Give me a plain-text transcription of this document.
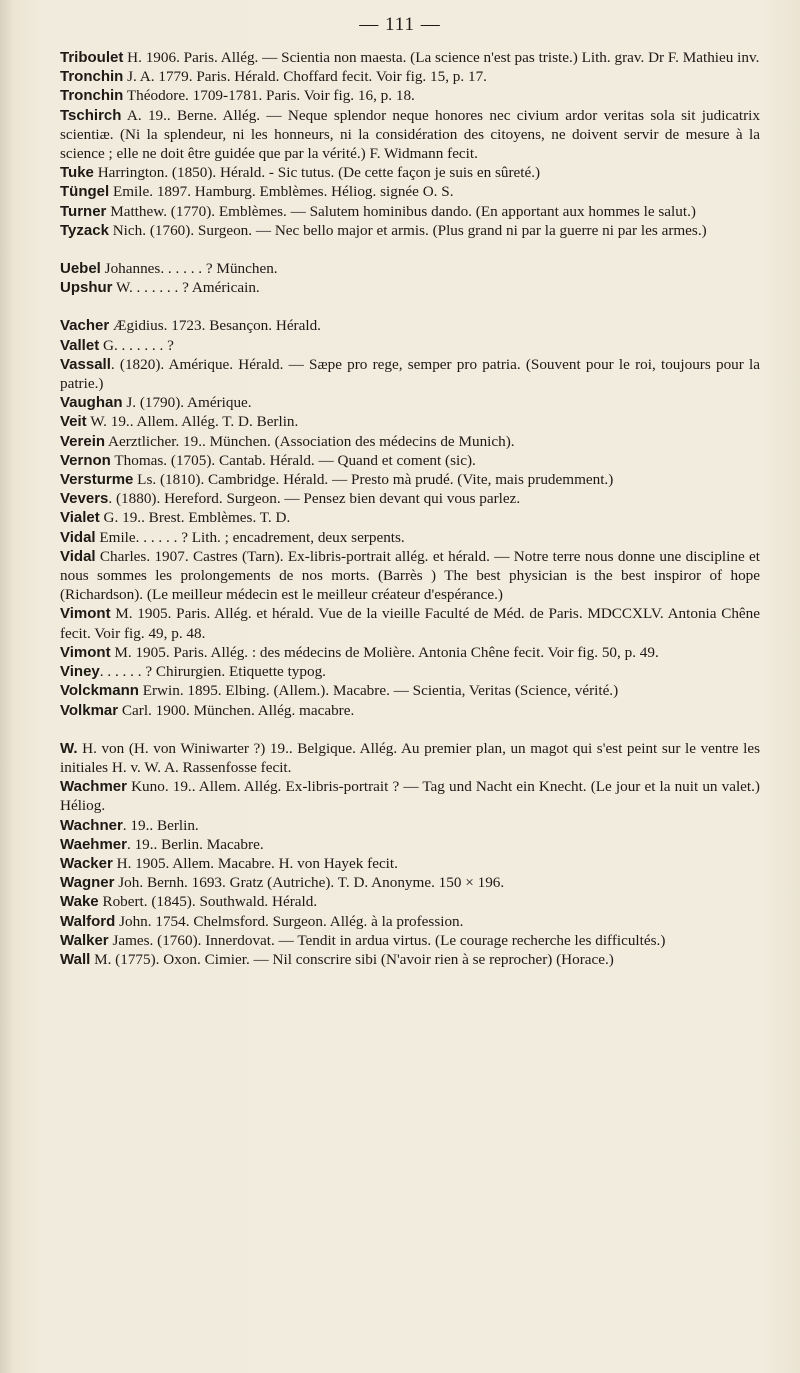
— 111 —

Triboulet H. 1906. Paris. Allég. — Scientia non maesta. (La science n'est pas triste.) Lith. grav. Dr F. Mathieu inv.

Tronchin J. A. 1779. Paris. Hérald. Choffard fecit. Voir fig. 15, p. 17.

Tronchin Théodore. 1709-1781. Paris. Voir fig. 16, p. 18.

Tschirch A. 19.. Berne. Allég. — Neque splendor neque honores nec civium ardor veritas sola sit judicatrix scientiæ. (Ni la splendeur, ni les honneurs, ni la considération des citoyens, ne doivent servir de mesure à la science ; elle ne doit être guidée que par la vérité.) F. Widmann fecit.

Tuke Harrington. (1850). Hérald. - Sic tutus. (De cette façon je suis en sûreté.)

Tüngel Emile. 1897. Hamburg. Emblèmes. Héliog. signée O. S.

Turner Matthew. (1770). Emblèmes. — Salutem hominibus dando. (En apportant aux hommes le salut.)

Tyzack Nich. (1760). Surgeon. — Nec bello major et armis. (Plus grand ni par la guerre ni par les armes.)

Uebel Johannes. . . . . . ? München.

Upshur W. . . . . . . ? Américain.

Vacher Ægidius. 1723. Besançon. Hérald.

Vallet G. . . . . . . ?

Vassall. (1820). Amérique. Hérald. — Sæpe pro rege, semper pro patria. (Souvent pour le roi, toujours pour la patrie.)

Vaughan J. (1790). Amérique.

Veit W. 19.. Allem. Allég. T. D. Berlin.

Verein Aerztlicher. 19.. München. (Association des médecins de Munich).

Vernon Thomas. (1705). Cantab. Hérald. — Quand et coment (sic).

Versturme Ls. (1810). Cambridge. Hérald. — Presto mà prudé. (Vite, mais prudemment.)

Vevers. (1880). Hereford. Surgeon. — Pensez bien devant qui vous parlez.

Vialet G. 19.. Brest. Emblèmes. T. D.

Vidal Emile. . . . . . ? Lith. ; encadrement, deux serpents.

Vidal Charles. 1907. Castres (Tarn). Ex-libris-portrait allég. et hérald. — Notre terre nous donne une discipline et nous sommes les prolongements de nos morts. (Barrès ) The best physician is the best inspiror of hope (Richardson). (Le meilleur médecin est le meilleur créateur d'espérance.)

Vimont M. 1905. Paris. Allég. et hérald. Vue de la vieille Faculté de Méd. de Paris. MDCCXLV. Antonia Chêne fecit. Voir fig. 49, p. 48.

Vimont M. 1905. Paris. Allég. : des médecins de Molière. Antonia Chêne fecit. Voir fig. 50, p. 49.

Viney. . . . . . ? Chirurgien. Etiquette typog.

Volckmann Erwin. 1895. Elbing. (Allem.). Macabre. — Scientia, Veritas (Science, vérité.)

Volkmar Carl. 1900. München. Allég. macabre.

W. H. von (H. von Winiwarter ?) 19.. Belgique. Allég. Au premier plan, un magot qui s'est peint sur le ventre les initiales H. v. W. A. Rassenfosse fecit.

Wachmer Kuno. 19.. Allem. Allég. Ex-libris-portrait ? — Tag und Nacht ein Knecht. (Le jour et la nuit un valet.) Héliog.

Wachner. 19.. Berlin.

Waehmer. 19.. Berlin. Macabre.

Wacker H. 1905. Allem. Macabre. H. von Hayek fecit.

Wagner Joh. Bernh. 1693. Gratz (Autriche). T. D. Anonyme. 150 × 196.

Wake Robert. (1845). Southwald. Hérald.

Walford John. 1754. Chelmsford. Surgeon. Allég. à la profession.

Walker James. (1760). Innerdovat. — Tendit in ardua virtus. (Le courage recherche les difficultés.)

Wall M. (1775). Oxon. Cimier. — Nil conscrire sibi (N'avoir rien à se reprocher) (Horace.)
